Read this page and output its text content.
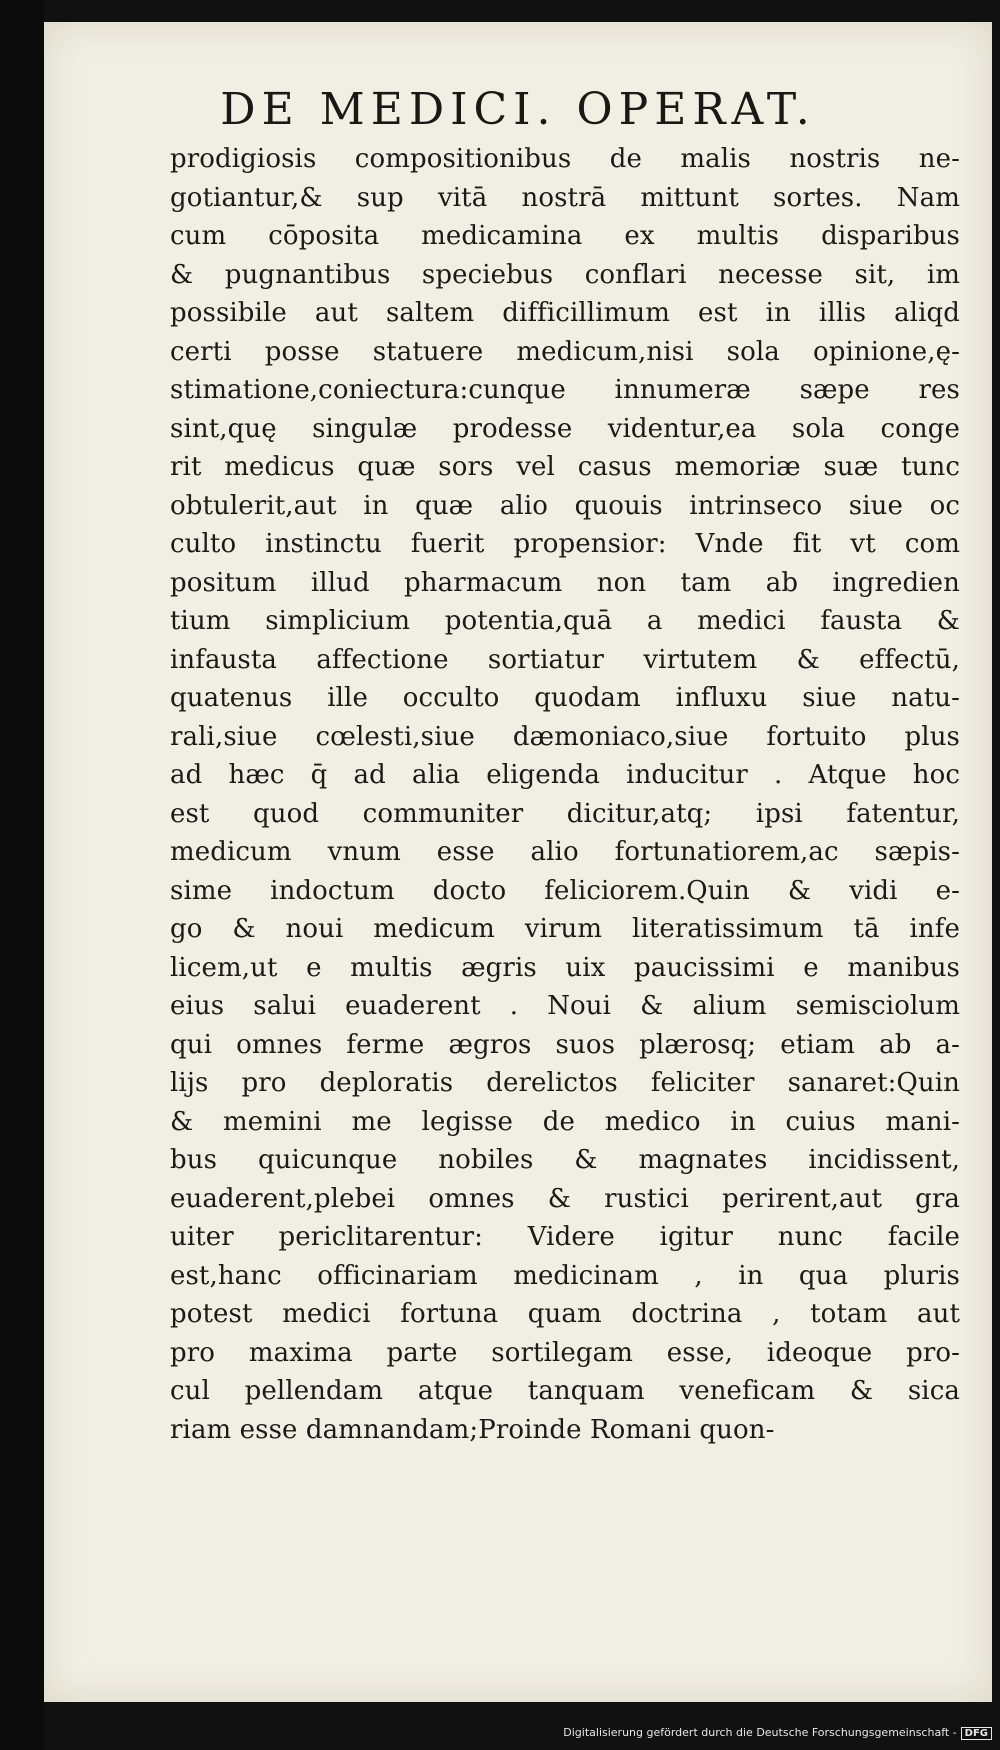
DE MEDICI. OPERAT.
prodigiosis compositionibus de malis nostris ne-
gotiantur,& sup vitā nostrā mittunt sortes. Nam
cum cōposita medicamina ex multis disparibus
& pugnantibus speciebus conflari necesse sit, im
possibile aut saltem difficillimum est in illis aliqd
certi posse statuere medicum,nisi sola opinione,ę-
stimatione,coniectura:cunque innumeræ sæpe res
sint,quę singulæ prodesse videntur,ea sola conge
rit medicus quæ sors vel casus memoriæ suæ tunc
obtulerit,aut in quæ alio quouis intrinseco siue oc
culto instinctu fuerit propensior: Vnde fit vt com
positum illud pharmacum non tam ab ingredien
tium simplicium potentia,quā a medici fausta &
infausta affectione sortiatur virtutem & effectū,
quatenus ille occulto quodam influxu siue natu-
rali,siue cœlesti,siue dæmoniaco,siue fortuito plus
ad hæc q̄ ad alia eligenda inducitur . Atque hoc
est quod communiter dicitur,atq; ipsi fatentur,
medicum vnum esse alio fortunatiorem,ac sæpis-
sime indoctum docto feliciorem.Quin & vidi e-
go & noui medicum virum literatissimum tā infe
licem,ut e multis ægris uix paucissimi e manibus
eius salui euaderent . Noui & alium semisciolum
qui omnes ferme ægros suos plærosq; etiam ab a-
lijs pro deploratis derelictos feliciter sanaret:Quin
& memini me legisse de medico in cuius mani-
bus quicunque nobiles & magnates incidissent,
euaderent,plebei omnes & rustici perirent,aut gra
uiter periclitarentur: Videre igitur nunc facile
est,hanc officinariam medicinam , in qua pluris
potest medici fortuna quam doctrina , totam aut
pro maxima parte sortilegam esse, ideoque pro-
cul pellendam atque tanquam veneficam & sica
riam esse damnandam;Proinde Romani quon-
Digitalisierung gefördert durch die Deutsche Forschungsgemeinschaft - DFG
